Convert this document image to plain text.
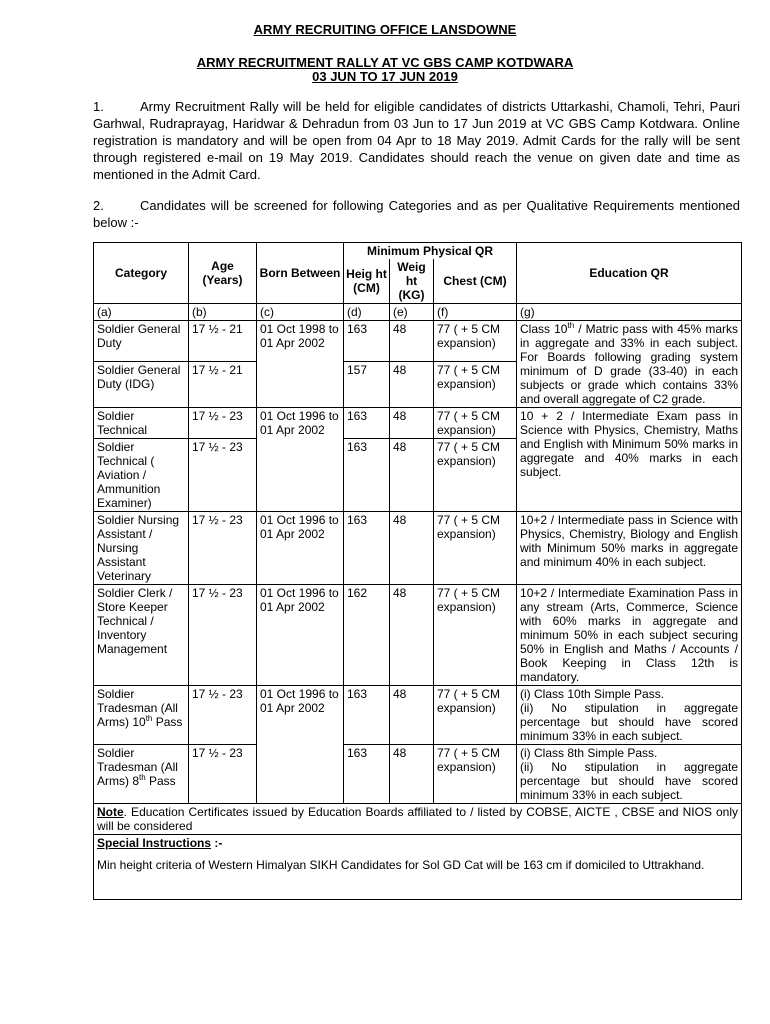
ARMY RECRUITING OFFICE LANSDOWNE
ARMY RECRUITMENT RALLY AT VC GBS CAMP KOTDWARA
03 JUN TO 17 JUN 2019
1.	Army Recruitment Rally will be held for eligible candidates of districts Uttarkashi, Chamoli, Tehri, Pauri Garhwal, Rudraprayag, Haridwar & Dehradun from 03 Jun to 17 Jun 2019 at VC GBS Camp Kotdwara. Online registration is mandatory and will be open from 04 Apr to 18 May 2019. Admit Cards for the rally will be sent through registered e-mail on 19 May 2019. Candidates should reach the venue on given date and time as mentioned in the Admit Card.
2.	Candidates will be screened for following Categories and as per Qualitative Requirements mentioned below :-
Category	Age (Years)	Born Between	Minimum Physical QR			Education QR
			Heig ht (CM)	Weig ht (KG)	Chest (CM)	
(a)	(b)	(c)	(d)	(e)	(f)	(g)
Soldier General Duty	17 ½ - 21	01 Oct 1998 to 01 Apr 2002	163	48	77 ( + 5 CM expansion)	Class 10th / Matric pass with 45% marks in aggregate and 33% in each subject. For Boards following grading system minimum of D grade (33-40) in each subjects or grade which contains 33% and overall aggregate of C2 grade.
Soldier General Duty (IDG)	17 ½ - 21		157	48	77 ( + 5 CM expansion)	
Soldier Technical	17 ½ - 23	01 Oct 1996 to 01 Apr 2002	163	48	77 ( + 5 CM expansion)	10 + 2 / Intermediate Exam pass in Science with Physics, Chemistry, Maths and English with Minimum 50% marks in aggregate and 40% marks in each subject.
Soldier Technical ( Aviation / Ammunition Examiner)	17 ½ - 23		163	48	77 ( + 5 CM expansion)	
Soldier Nursing Assistant / Nursing Assistant Veterinary	17 ½ - 23	01 Oct 1996 to 01 Apr 2002	163	48	77 ( + 5 CM expansion)	10+2 / Intermediate pass in Science with Physics, Chemistry, Biology and English with Minimum 50% marks in aggregate and minimum 40% in each subject.
Soldier Clerk / Store Keeper Technical / Inventory Management	17 ½ - 23	01 Oct 1996 to 01 Apr 2002	162	48	77 ( + 5 CM expansion)	10+2 / Intermediate Examination Pass in any stream (Arts, Commerce, Science with 60% marks in aggregate and minimum 50% in each subject securing 50% in English and Maths / Accounts / Book Keeping in Class 12th is mandatory.
Soldier Tradesman (All Arms) 10th Pass	17 ½ - 23	01 Oct 1996 to 01 Apr 2002	163	48	77 ( + 5 CM expansion)	(i) Class 10th Simple Pass.
(ii) No stipulation in aggregate percentage but should have scored minimum 33% in each subject.

Soldier Tradesman (All Arms) 8th Pass	17 ½ - 23		163	48	77 ( + 5 CM expansion)	(i) Class 8th Simple Pass.
(ii) No stipulation in aggregate percentage but should have scored minimum 33% in each subject.

Note. Education Certificates issued by Education Boards affiliated to / listed by COBSE, AICTE , CBSE and NIOS only will be considered						

Special Instructions :-
Min height criteria of Western Himalyan SIKH Candidates for Sol GD Cat will be 163 cm if domiciled to Uttrakhand.						
